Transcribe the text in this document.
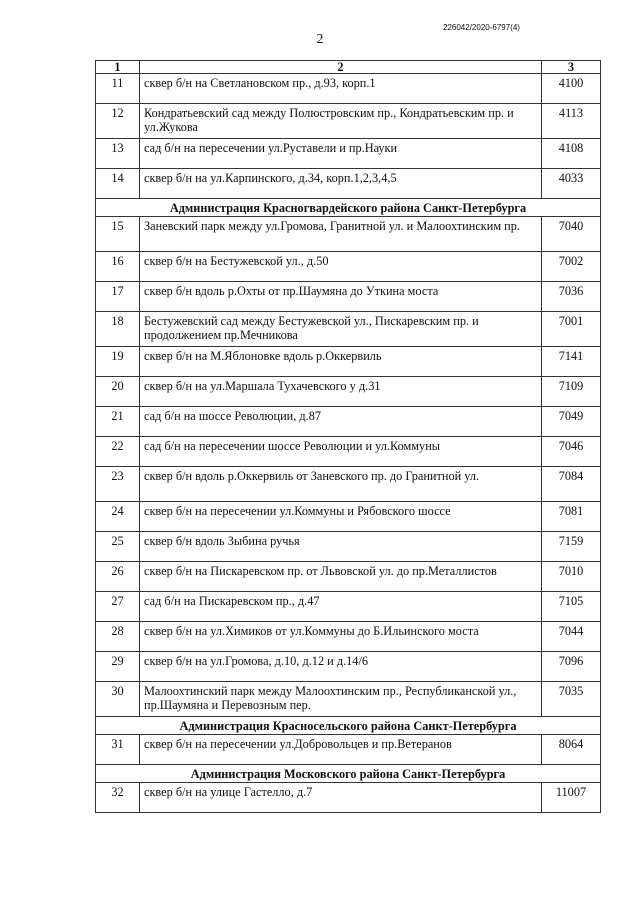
226042/2020-6797(4)
2
1	2	3
11	сквер б/н на Светлановском пр., д.93, корп.1	4100
12	Кондратьевский сад между Полюстровским пр., Кондратьевским пр. и ул.Жукова	4113
13	сад б/н на пересечении ул.Руставели и пр.Науки	4108
14	сквер б/н на ул.Карпинского, д.34, корп.1,2,3,4,5	4033
Администрация Красногвардейского района Санкт-Петербурга		
15	Заневский парк между ул.Громова, Гранитной ул. и Малоохтинским пр.	7040
16	сквер б/н на Бестужевской ул., д.50	7002
17	сквер б/н вдоль р.Охты от пр.Шаумяна до Уткина моста	7036
18	Бестужевский сад между Бестужевской ул., Пискаревским пр. и продолжением пр.Мечникова	7001
19	сквер б/н на М.Яблоновке вдоль р.Оккервиль	7141
20	сквер б/н на ул.Маршала Тухачевского у д.31	7109
21	сад б/н на шоссе Революции, д.87	7049
22	сад б/н на пересечении шоссе Революции и ул.Коммуны	7046
23	сквер б/н вдоль р.Оккервиль от Заневского пр. до Гранитной ул.	7084
24	сквер б/н на пересечении ул.Коммуны и Рябовского шоссе	7081
25	сквер б/н вдоль Зыбина ручья	7159
26	сквер б/н на Пискаревском пр. от Львовской ул. до пр.Металлистов	7010
27	сад б/н на Пискаревском пр., д.47	7105
28	сквер б/н на ул.Химиков от ул.Коммуны до Б.Ильинского моста	7044
29	сквер б/н на ул.Громова, д.10, д.12 и д.14/6	7096
30	Малоохтинский парк между Малоохтинским пр., Республиканской ул., пр.Шаумяна и Перевозным пер.	7035
Администрация Красносельского района Санкт-Петербурга		
31	сквер б/н на пересечении ул.Добровольцев и пр.Ветеранов	8064
Администрация Московского района Санкт-Петербурга		
32	сквер б/н на улице Гастелло, д.7	11007
